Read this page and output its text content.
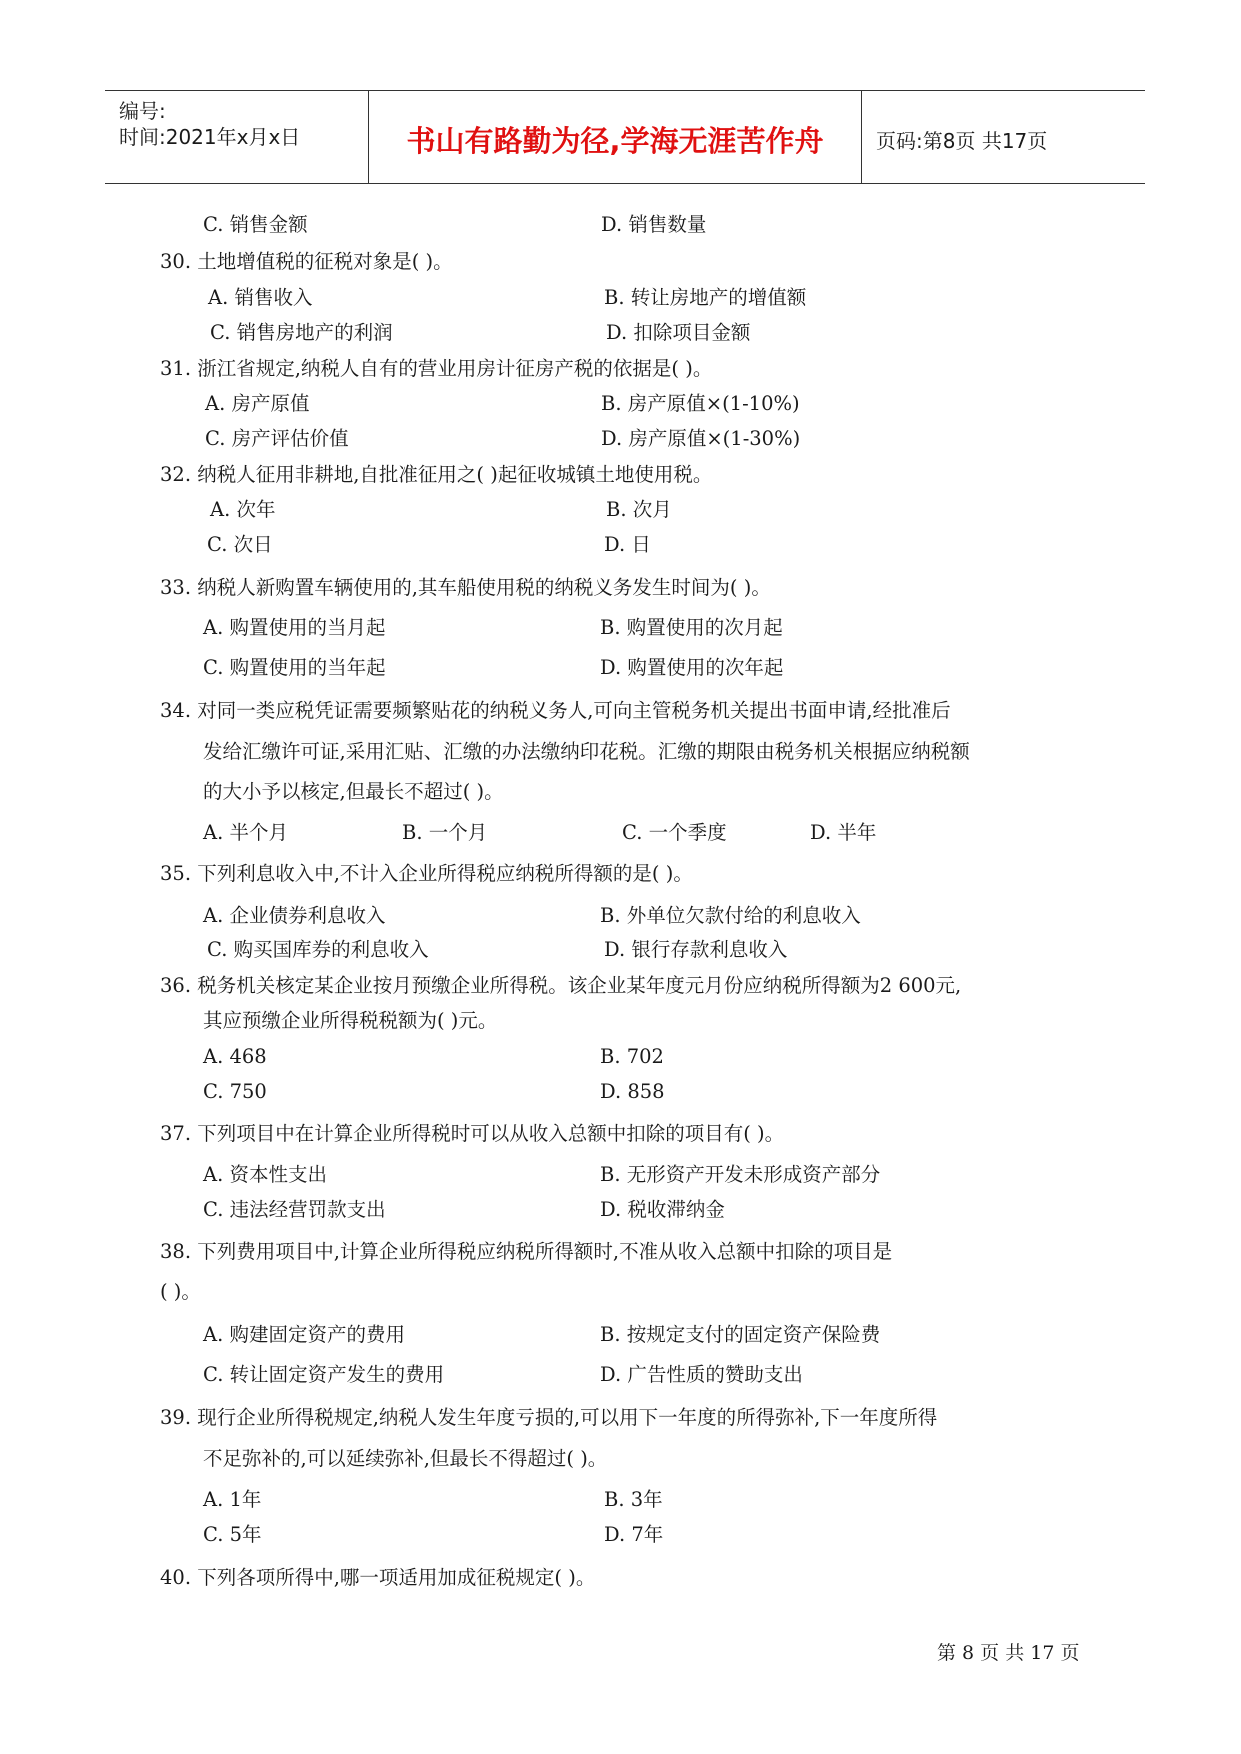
编号:
时间:2021年x月x日	书山有路勤为径,学海无涯苦作舟	页码:第8页 共17页
C. 销售金额	D. 销售数量
30. 土地增值税的征税对象是( )。
A. 销售收入	B. 转让房地产的增值额
C. 销售房地产的利润	D. 扣除项目金额
31. 浙江省规定,纳税人自有的营业用房计征房产税的依据是( )。
A. 房产原值	B. 房产原值×(1-10%)
C. 房产评估价值	D. 房产原值×(1-30%)
32. 纳税人征用非耕地,自批准征用之( )起征收城镇土地使用税。
A. 次年	B. 次月
C. 次日	D. 日
33. 纳税人新购置车辆使用的,其车船使用税的纳税义务发生时间为( )。
A. 购置使用的当月起	B. 购置使用的次月起
C. 购置使用的当年起	D. 购置使用的次年起
34. 对同一类应税凭证需要频繁贴花的纳税义务人,可向主管税务机关提出书面申请,经批准后
发给汇缴许可证,采用汇贴、汇缴的办法缴纳印花税。汇缴的期限由税务机关根据应纳税额
的大小予以核定,但最长不超过( )。
A. 半个月	B. 一个月	C. 一个季度	D. 半年
35. 下列利息收入中,不计入企业所得税应纳税所得额的是( )。
A. 企业债券利息收入	B. 外单位欠款付给的利息收入
C. 购买国库券的利息收入	D. 银行存款利息收入
36. 税务机关核定某企业按月预缴企业所得税。该企业某年度元月份应纳税所得额为2 600元,
其应预缴企业所得税税额为( )元。
A. 468	B. 702
C. 750	D. 858
37. 下列项目中在计算企业所得税时可以从收入总额中扣除的项目有( )。
A. 资本性支出	B. 无形资产开发未形成资产部分
C. 违法经营罚款支出	D. 税收滞纳金
38. 下列费用项目中,计算企业所得税应纳税所得额时,不准从收入总额中扣除的项目是
( )。
A. 购建固定资产的费用	B. 按规定支付的固定资产保险费
C. 转让固定资产发生的费用	D. 广告性质的赞助支出
39. 现行企业所得税规定,纳税人发生年度亏损的,可以用下一年度的所得弥补,下一年度所得
不足弥补的,可以延续弥补,但最长不得超过( )。
A. 1年	B. 3年
C. 5年	D. 7年
40. 下列各项所得中,哪一项适用加成征税规定( )。
第 8 页 共 17 页
